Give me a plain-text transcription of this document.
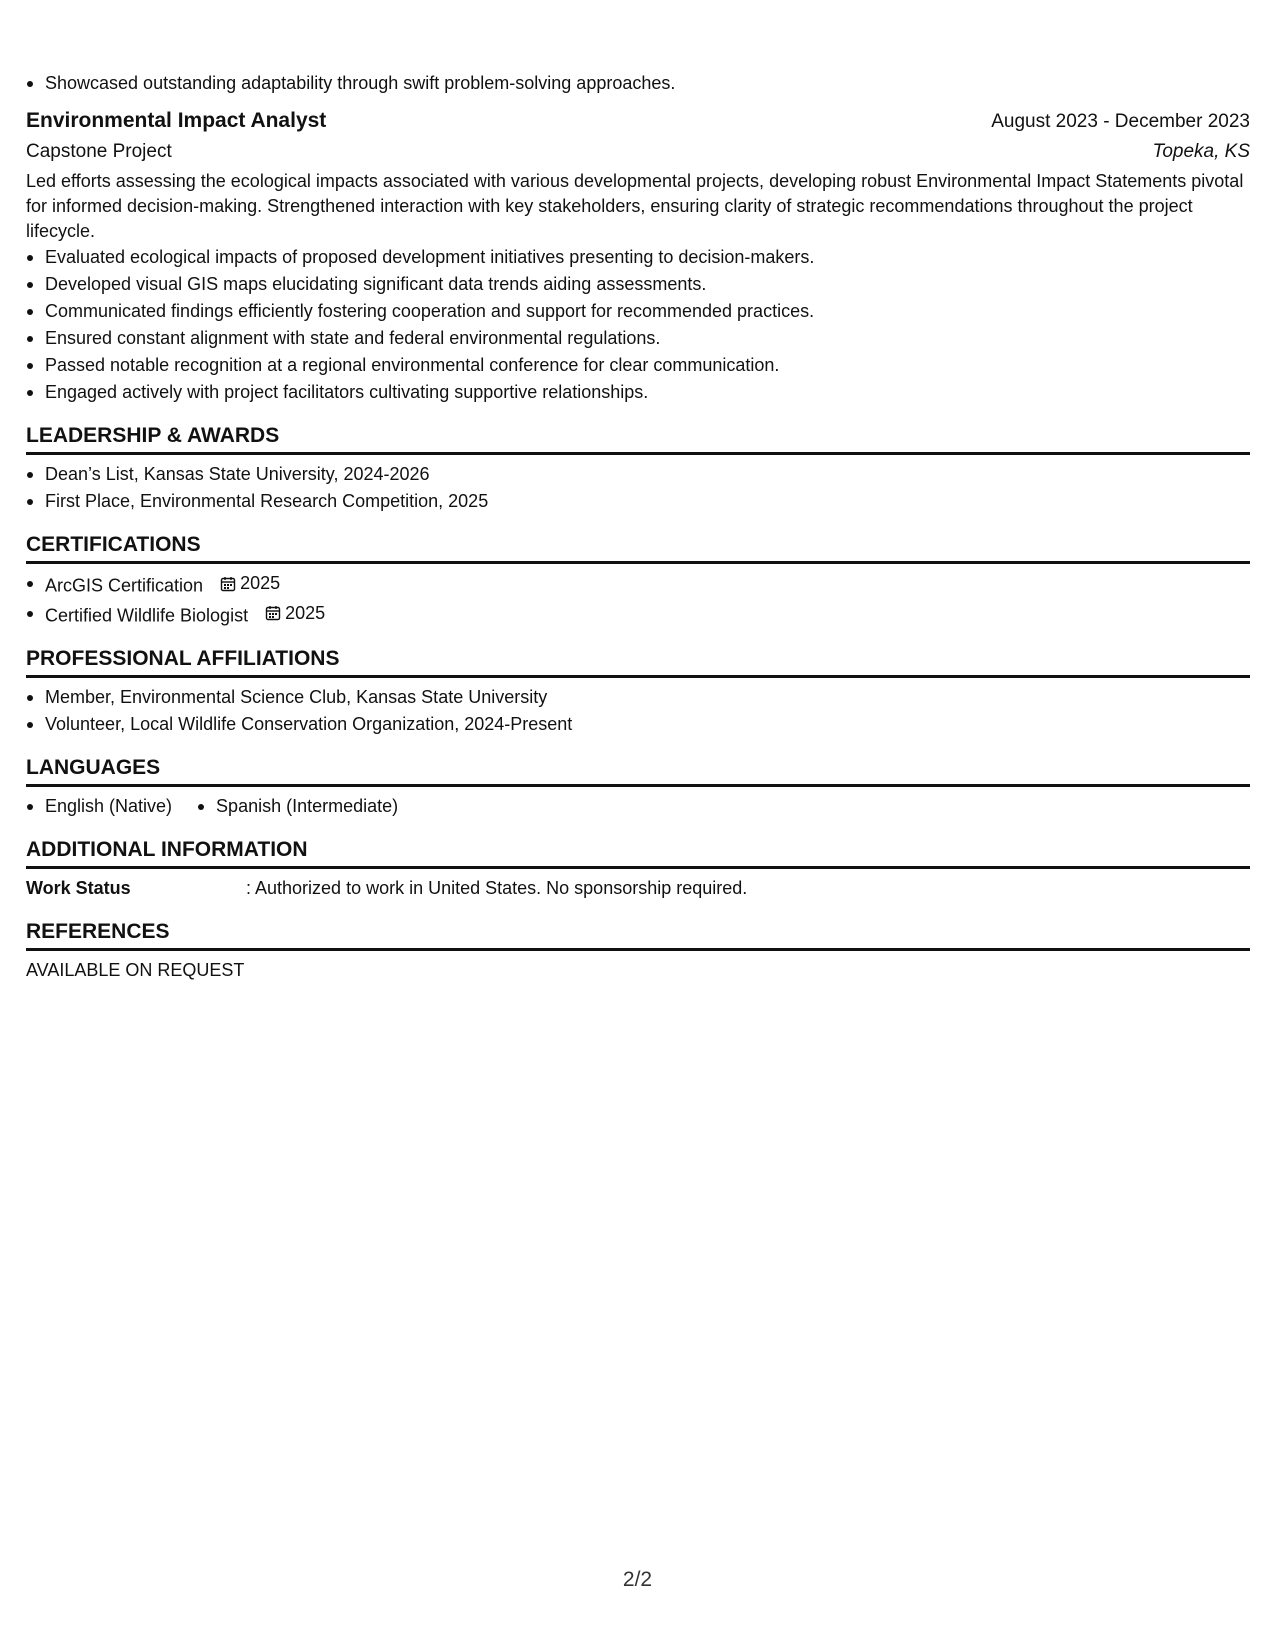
Showcased outstanding adaptability through swift problem-solving approaches.
Environmental Impact Analyst	August 2023 - December 2023
Capstone Project	Topeka, KS

Led efforts assessing the ecological impacts associated with various developmental projects, developing robust Environmental Impact Statements pivotal for informed decision-making. Strengthened interaction with key stakeholders, ensuring clarity of strategic recommendations throughout the project lifecycle.

Evaluated ecological impacts of proposed development initiatives presenting to decision-makers.
Developed visual GIS maps elucidating significant data trends aiding assessments.
Communicated findings efficiently fostering cooperation and support for recommended practices.
Ensured constant alignment with state and federal environmental regulations.
Passed notable recognition at a regional environmental conference for clear communication.
Engaged actively with project facilitators cultivating supportive relationships.
LEADERSHIP & AWARDS
Dean’s List, Kansas State University, 2024-2026
First Place, Environmental Research Competition, 2025
CERTIFICATIONS
ArcGIS Certification 2025
Certified Wildlife Biologist 2025
PROFESSIONAL AFFILIATIONS
Member, Environmental Science Club, Kansas State University
Volunteer, Local Wildlife Conservation Organization, 2024-Present
LANGUAGES
English (Native)	Spanish (Intermediate)
ADDITIONAL INFORMATION
Work Status	: Authorized to work in United States. No sponsorship required.
REFERENCES
AVAILABLE ON REQUEST
2/2
